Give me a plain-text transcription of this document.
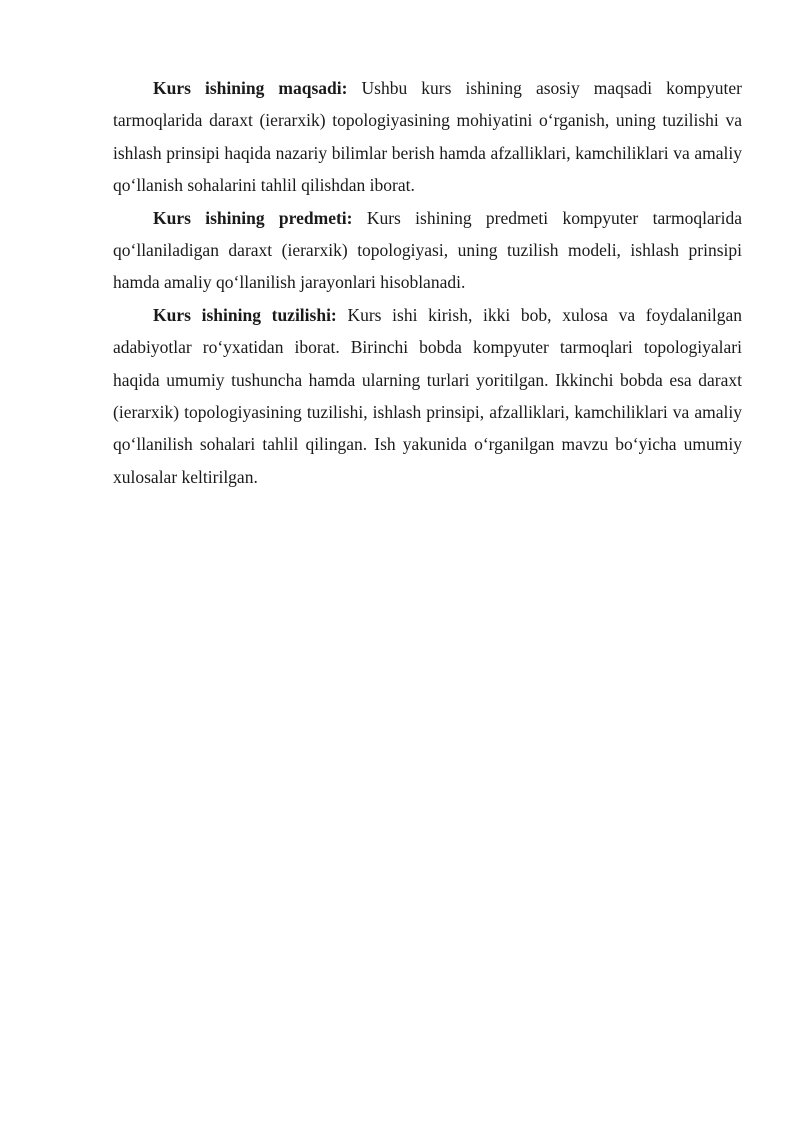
Kurs ishining maqsadi: Ushbu kurs ishining asosiy maqsadi kompyuter tarmoqlarida daraxt (ierarxik) topologiyasining mohiyatini o‘rganish, uning tuzilishi va ishlash prinsipi haqida nazariy bilimlar berish hamda afzalliklari, kamchiliklari va amaliy qo‘llanish sohalarini tahlil qilishdan iborat.

Kurs ishining predmeti: Kurs ishining predmeti kompyuter tarmoqlarida qo‘llaniladigan daraxt (ierarxik) topologiyasi, uning tuzilish modeli, ishlash prinsipi hamda amaliy qo‘llanilish jarayonlari hisoblanadi.

Kurs ishining tuzilishi: Kurs ishi kirish, ikki bob, xulosa va foydalanilgan adabiyotlar ro‘yxatidan iborat. Birinchi bobda kompyuter tarmoqlari topologiyalari haqida umumiy tushuncha hamda ularning turlari yoritilgan. Ikkinchi bobda esa daraxt (ierarxik) topologiyasining tuzilishi, ishlash prinsipi, afzalliklari, kamchiliklari va amaliy qo‘llanilish sohalari tahlil qilingan. Ish yakunida o‘rganilgan mavzu bo‘yicha umumiy xulosalar keltirilgan.
